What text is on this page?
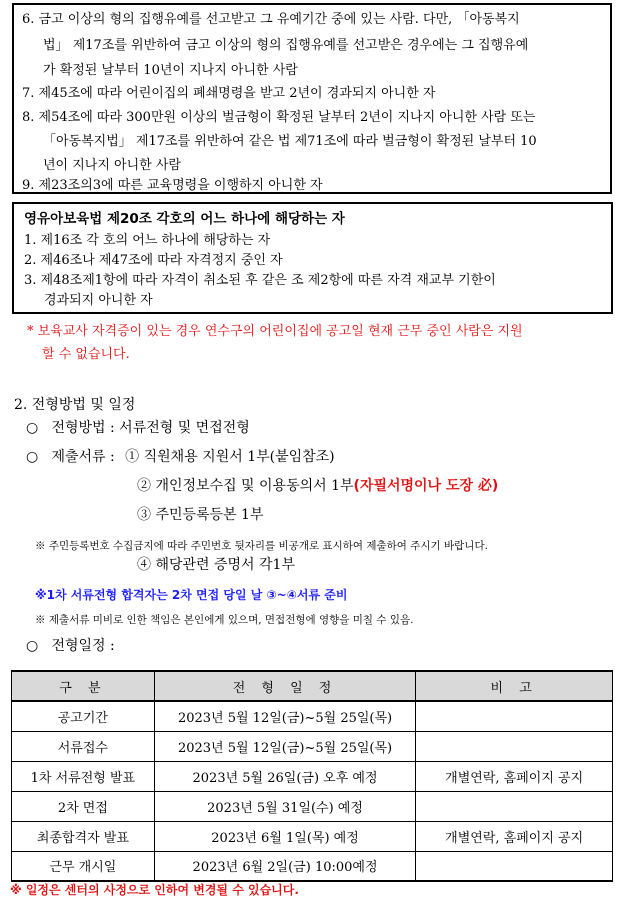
6. 금고 이상의 형의 집행유예를 선고받고 그 유예기간 중에 있는 사람. 다만, 「아동복지
법」 제17조를 위반하여 금고 이상의 형의 집행유예를 선고받은 경우에는 그 집행유예
가 확정된 날부터 10년이 지나지 아니한 사람
7. 제45조에 따라 어린이집의 폐쇄명령을 받고 2년이 경과되지 아니한 자
8. 제54조에 따라 300만원 이상의 벌금형이 확정된 날부터 2년이 지나지 아니한 사람 또는
「아동복지법」 제17조를 위반하여 같은 법 제71조에 따라 벌금형이 확정된 날부터 10
년이 지나지 아니한 사람
9. 제23조의3에 따른 교육명령을 이행하지 아니한 자
영유아보육법 제20조 각호의 어느 하나에 해당하는 자
1. 제16조 각 호의 어느 하나에 해당하는 자
2. 제46조나 제47조에 따라 자격정지 중인 자
3. 제48조제1항에 따라 자격이 취소된 후 같은 조 제2항에 따른 자격 재교부 기한이
경과되지 아니한 자
* 보육교사 자격증이 있는 경우 연수구의 어린이집에 공고일 현재 근무 중인 사람은 지원
할 수 없습니다.
2. 전형방법 및 일정
○ 전형방법 : 서류전형 및 면접전형
○ 제출서류 : ① 직원채용 지원서 1부(붙임참조)
② 개인정보수집 및 이용동의서 1부(자필서명이나 도장 必)
③ 주민등록등본 1부
※ 주민등록번호 수집금지에 따라 주민번호 뒷자리를 비공개로 표시하여 제출하여 주시기 바랍니다.
④ 해당관련 증명서 각1부
※1차 서류전형 합격자는 2차 면접 당일 날 ③~④서류 준비
※ 제출서류 미비로 인한 책임은 본인에게 있으며, 면접전형에 영향을 미칠 수 있음.
○ 전형일정 :
구 분	전 형 일 정	비 고
공고기간	2023년 5월 12일(금)~5월 25일(목)	
서류접수	2023년 5월 12일(금)~5월 25일(목)	
1차 서류전형 발표	2023년 5월 26일(금) 오후 예정	개별연락, 홈페이지 공지
2차 면접	2023년 5월 31일(수) 예정	
최종합격자 발표	2023년 6월 1일(목) 예정	개별연락, 홈페이지 공지
근무 개시일	2023년 6월 2일(금) 10:00예정	
※ 일정은 센터의 사정으로 인하여 변경될 수 있습니다.
